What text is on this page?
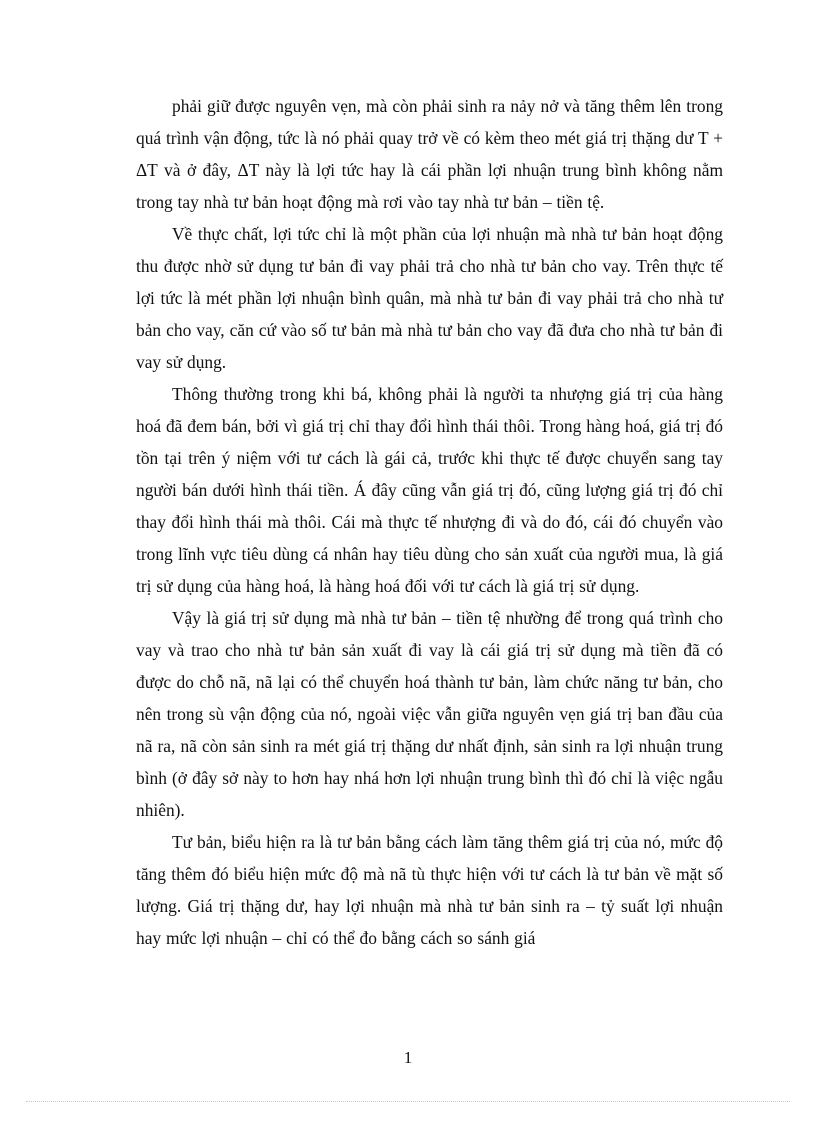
phải giữ được nguyên vẹn, mà còn phải sinh ra nảy nở và tăng thêm lên trong quá trình vận động, tức là nó phải quay trở về có kèm theo mét giá trị thặng dư T + ΔT và ở đây, ΔT này là lợi tức hay là cái phần lợi nhuận trung bình không nằm trong tay nhà tư bản hoạt động mà rơi vào tay nhà tư bản – tiền tệ.

Về thực chất, lợi tức chỉ là một phần của lợi nhuận mà nhà tư bản hoạt động thu được nhờ sử dụng tư bản đi vay phải trả cho nhà tư bản cho vay. Trên thực tế lợi tức là mét phần lợi nhuận bình quân, mà nhà tư bản đi vay phải trả cho nhà tư bản cho vay, căn cứ vào số tư bản mà nhà tư bản cho vay đã đưa cho nhà tư bản đi vay sử dụng.

Thông thường trong khi bá, không phải là người ta nhượng giá trị của hàng hoá đã đem bán, bởi vì giá trị chỉ thay đổi hình thái thôi. Trong hàng hoá, giá trị đó tồn tại trên ý niệm với tư cách là gái cả, trước khi thực tế được chuyển sang tay người bán dưới hình thái tiền. Á đây cũng vẫn giá trị đó, cũng lượng giá trị đó chỉ thay đổi hình thái mà thôi. Cái mà thực tế nhượng đi và do đó, cái đó chuyển vào trong lĩnh vực tiêu dùng cá nhân hay tiêu dùng cho sản xuất của người mua, là giá trị sử dụng của hàng hoá, là hàng hoá đối với tư cách là giá trị sử dụng.

Vậy là giá trị sử dụng mà nhà tư bản – tiền tệ nhường để trong quá trình cho vay và trao cho nhà tư bản sản xuất đi vay là cái giá trị sử dụng mà tiền đã có được do chỗ nã, nã lại có thể chuyển hoá thành tư bản, làm chức năng tư bản, cho nên trong sù vận động của nó, ngoài việc vẫn giữa nguyên vẹn giá trị ban đầu của nã ra, nã còn sản sinh ra mét giá trị thặng dư nhất định, sản sinh ra lợi nhuận trung bình (ở đây sở này to hơn hay nhá hơn lợi nhuận trung bình thì đó chỉ là việc ngẫu nhiên).

Tư bản, biểu hiện ra là tư bản bằng cách làm tăng thêm giá trị của nó, mức độ tăng thêm đó biểu hiện mức độ mà nã tù thực hiện với tư cách là tư bản về mặt số lượng. Giá trị thặng dư, hay lợi nhuận mà nhà tư bản sinh ra – tỷ suất lợi nhuận hay mức lợi nhuận – chỉ có thể đo bằng cách so sánh giá

1
